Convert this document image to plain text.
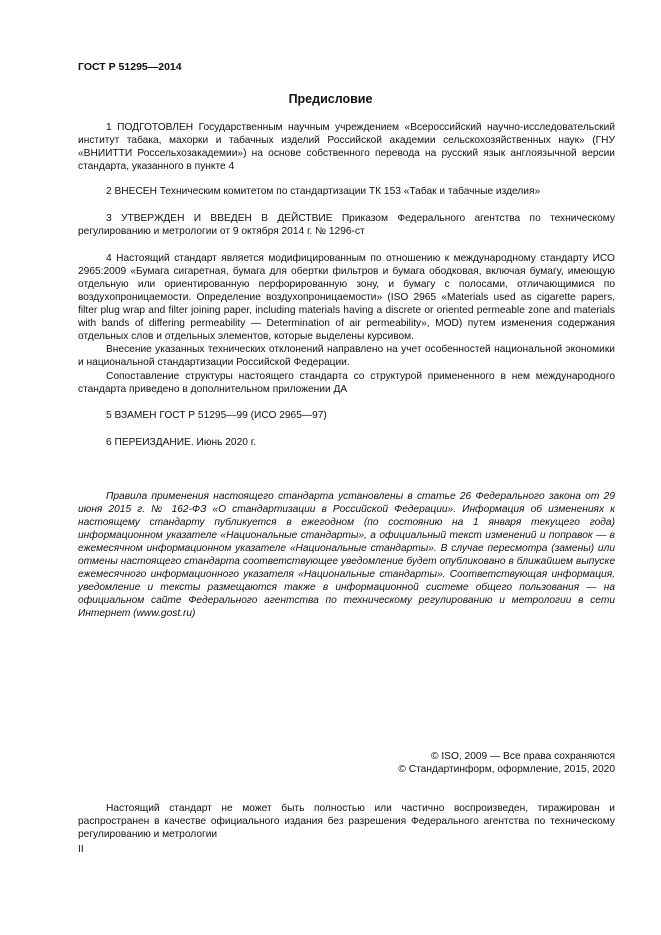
ГОСТ Р 51295—2014
Предисловие
1 ПОДГОТОВЛЕН Государственным научным учреждением «Всероссийский научно-исследовательский институт табака, махорки и табачных изделий Российской академии сельскохозяйственных наук» (ГНУ «ВНИИТТИ Россельхозакадемии») на основе собственного перевода на русский язык англоязычной версии стандарта, указанного в пункте 4
2 ВНЕСЕН Техническим комитетом по стандартизации ТК 153 «Табак и табачные изделия»
3 УТВЕРЖДЕН И ВВЕДЕН В ДЕЙСТВИЕ Приказом Федерального агентства по техническому регулированию и метрологии от 9 октября 2014 г. № 1296-ст
4 Настоящий стандарт является модифицированным по отношению к международному стандарту ИСО 2965:2009 «Бумага сигаретная, бумага для обертки фильтров и бумага ободковая, включая бумагу, имеющую отдельную или ориентированную перфорированную зону, и бумагу с полосами, отличающимися по воздухопроницаемости. Определение воздухопроницаемости» (ISO 2965 «Materials used as cigarette papers, filter plug wrap and filter joining paper, including materials having a discrete or oriented permeable zone and materials with bands of differing permeability — Determination of air permeability», MOD) путем изменения содержания отдельных слов и отдельных элементов, которые выделены курсивом.
Внесение указанных технических отклонений направлено на учет особенностей национальной экономики и национальной стандартизации Российской Федерации.
Сопоставление структуры настоящего стандарта со структурой примененного в нем международного стандарта приведено в дополнительном приложении ДА
5 ВЗАМЕН ГОСТ Р 51295—99 (ИСО 2965—97)
6 ПЕРЕИЗДАНИЕ. Июнь 2020 г.
Правила применения настоящего стандарта установлены в статье 26 Федерального закона от 29 июня 2015 г. № 162-ФЗ «О стандартизации в Российской Федерации». Информация об изменениях к настоящему стандарту публикуется в ежегодном (по состоянию на 1 января текущего года) информационном указателе «Национальные стандарты», а официальный текст изменений и поправок — в ежемесячном информационном указателе «Национальные стандарты». В случае пересмотра (замены) или отмены настоящего стандарта соответствующее уведомление будет опубликовано в ближайшем выпуске ежемесячного информационного указателя «Национальные стандарты». Соответствующая информация, уведомление и тексты размещаются также в информационной системе общего пользования — на официальном сайте Федерального агентства по техническому регулированию и метрологии в сети Интернет (www.gost.ru)
© ISO, 2009 — Все права сохраняются
© Стандартинформ, оформление, 2015, 2020
Настоящий стандарт не может быть полностью или частично воспроизведен, тиражирован и распространен в качестве официального издания без разрешения Федерального агентства по техническому регулированию и метрологии
II
